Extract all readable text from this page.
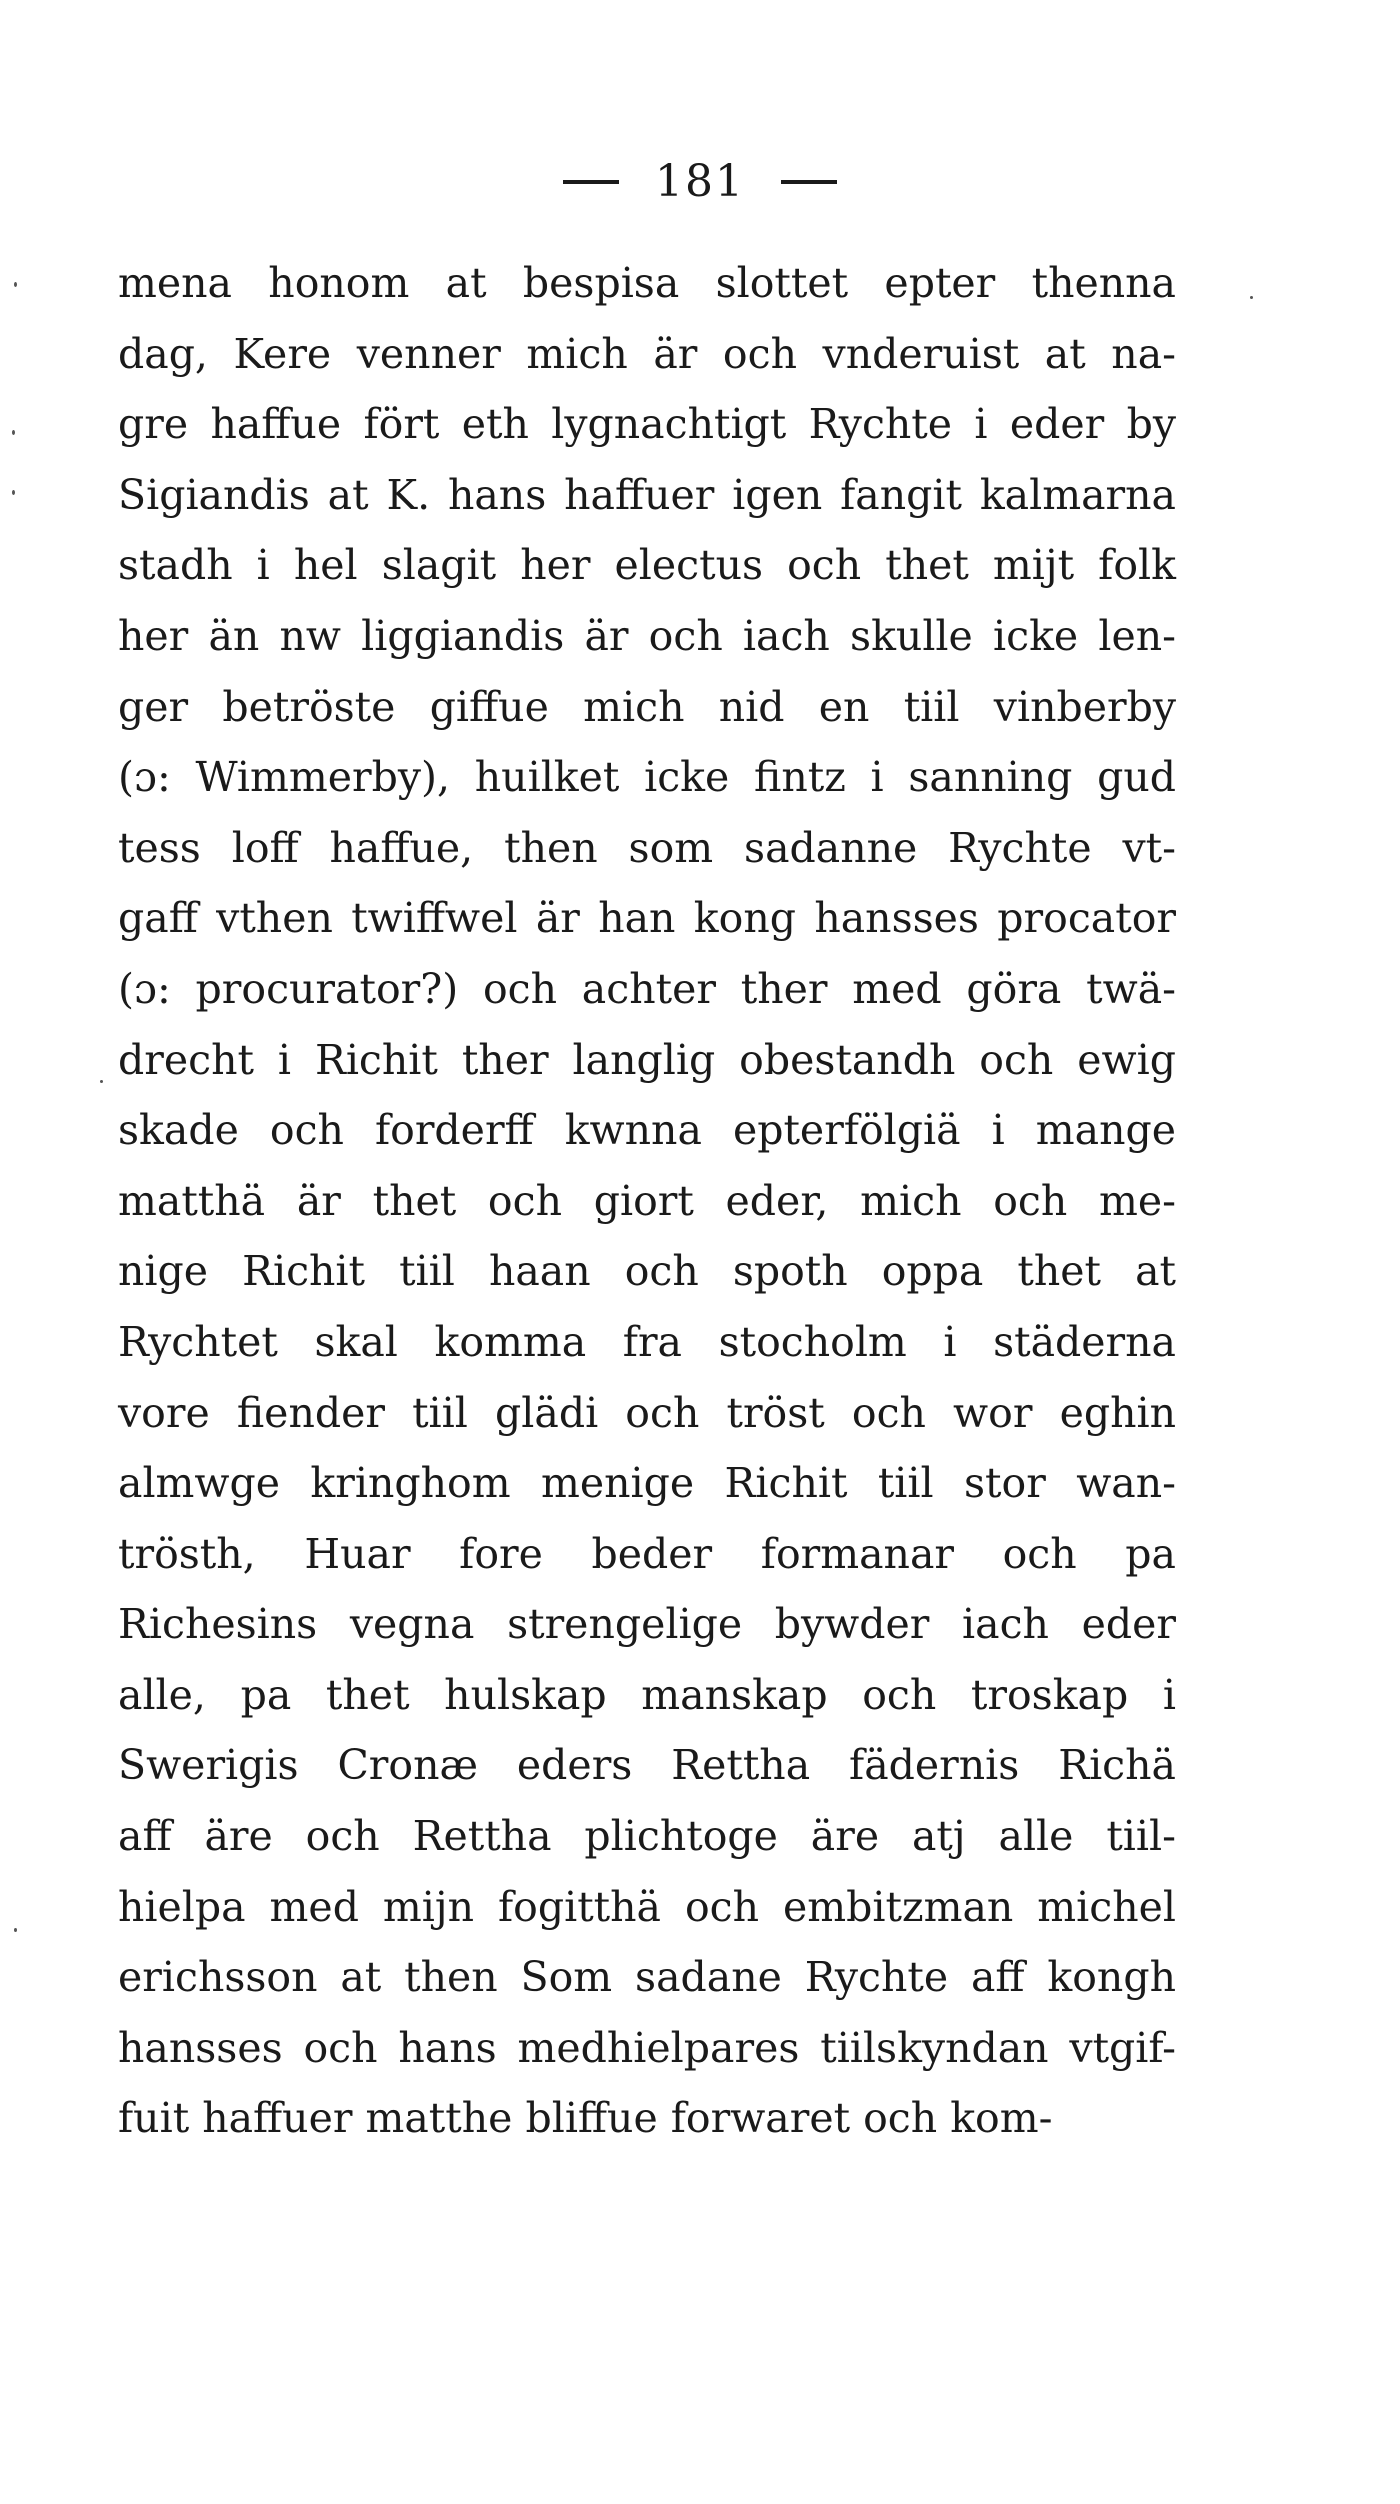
181
mena honom at bespisa slottet epter thenna
dag, Kere venner mich är och vnderuist at na-
gre haffue fört eth lygnachtigt Rychte i eder by
Sigiandis at K. hans haffuer igen fangit kalmarna
stadh i hel slagit her electus och thet mijt folk
her än nw liggiandis är och iach skulle icke len-
ger betröste giffue mich nid en tiil vinberby
(ɔ: Wimmerby), huilket icke fintz i sanning gud
tess loff haffue, then som sadanne Rychte vt-
gaff vthen twiffwel är han kong hansses procator
(ɔ: procurator?) och achter ther med göra twä-
drecht i Richit ther langlig obestandh och ewig
skade och forderff kwnna epterfölgiä i mange
matthä är thet och giort eder, mich och me-
nige Richit tiil haan och spoth oppa thet at
Rychtet skal komma fra stocholm i städerna
vore fiender tiil glädi och tröst och wor eghin
almwge kringhom menige Richit tiil stor wan-
trösth, Huar fore beder formanar och pa
Richesins vegna strengelige bywder iach eder
alle, pa thet hulskap manskap och troskap i
Swerigis Cronæ eders Rettha fädernis Richä
aff äre och Rettha plichtoge äre atj alle tiil-
hielpa med mijn fogitthä och embitzman michel
erichsson at then Som sadane Rychte aff kongh
hansses och hans medhielpares tiilskyndan vtgif-
fuit haffuer matthe bliffue forwaret och kom-
